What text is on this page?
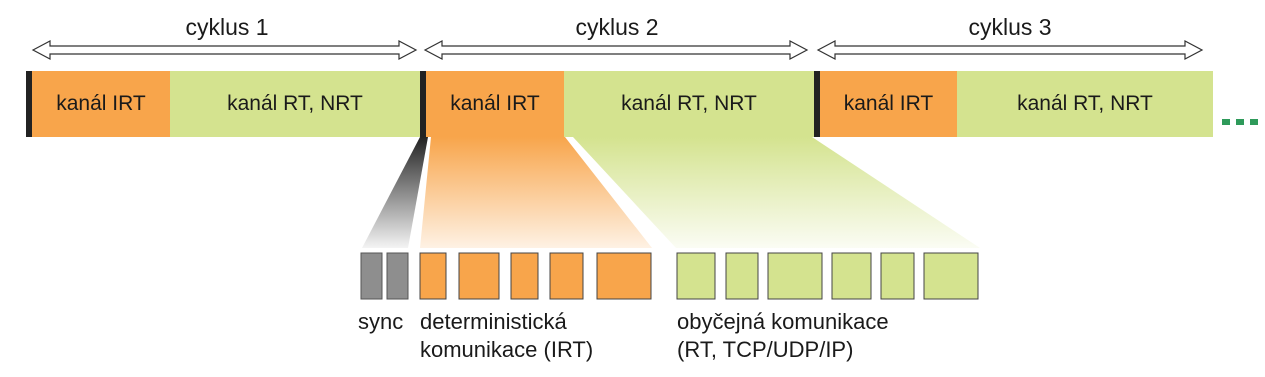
cyklus 1	cyklus 2	cyklus 3
kanál IRT	kanál RT, NRT	kanál IRT	kanál RT, NRT	kanál IRT	kanál RT, NRT
sync deterministická
komunikace (IRT)
obyčejná komunikace
(RT, TCP/UDP/IP)
